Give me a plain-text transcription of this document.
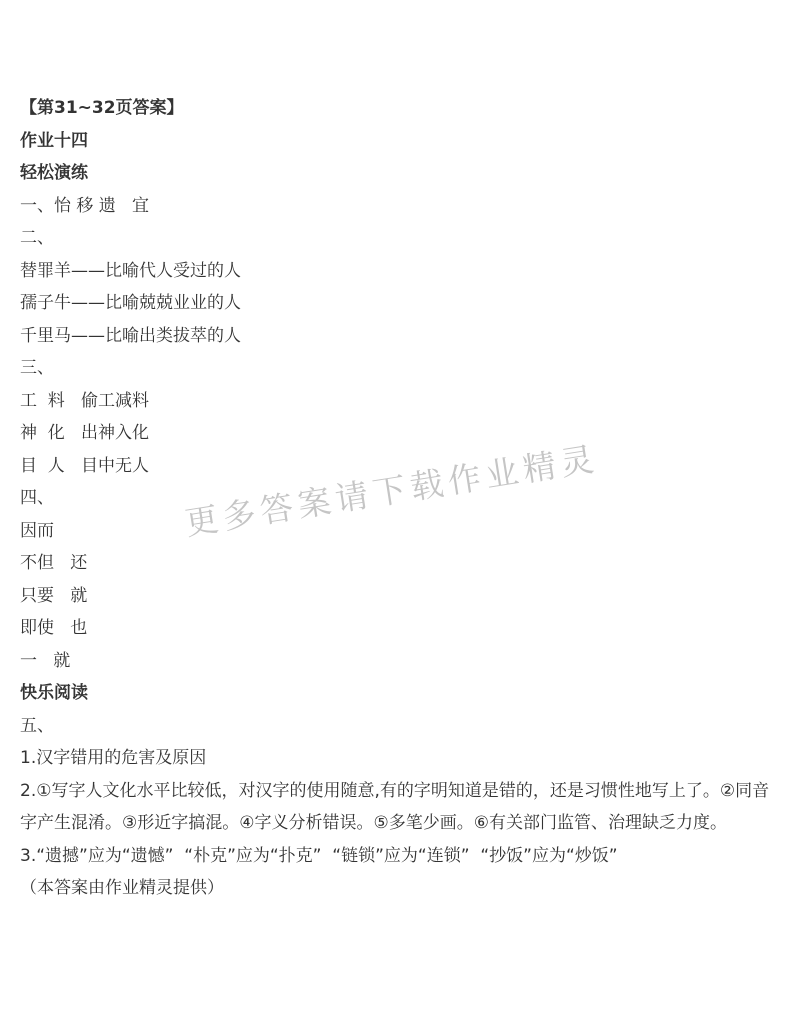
【第31~32页答案】
作业十四
轻松演练
一、怡 移 遗   宜
二、
替罪羊——比喻代人受过的人
孺子牛——比喻兢兢业业的人
千里马——比喻出类拔萃的人
三、
工  料   偷工减料
神  化   出神入化
目  人   目中无人
四、
因而
不但   还
只要   就
即使   也
一   就
快乐阅读
五、
1.汉字错用的危害及原因
2.①写字人文化水平比较低，对汉字的使用随意,有的字明知道是错的，还是习惯性地写上了。②同音字产生混淆。③形近字搞混。④字义分析错误。⑤多笔少画。⑥有关部门监管、治理缺乏力度。
3.“遗撼”应为“遗憾”  “朴克”应为“扑克”  “链锁”应为“连锁”  “抄饭”应为“炒饭”
（本答案由作业精灵提供）
更多答案请下载作业精灵
